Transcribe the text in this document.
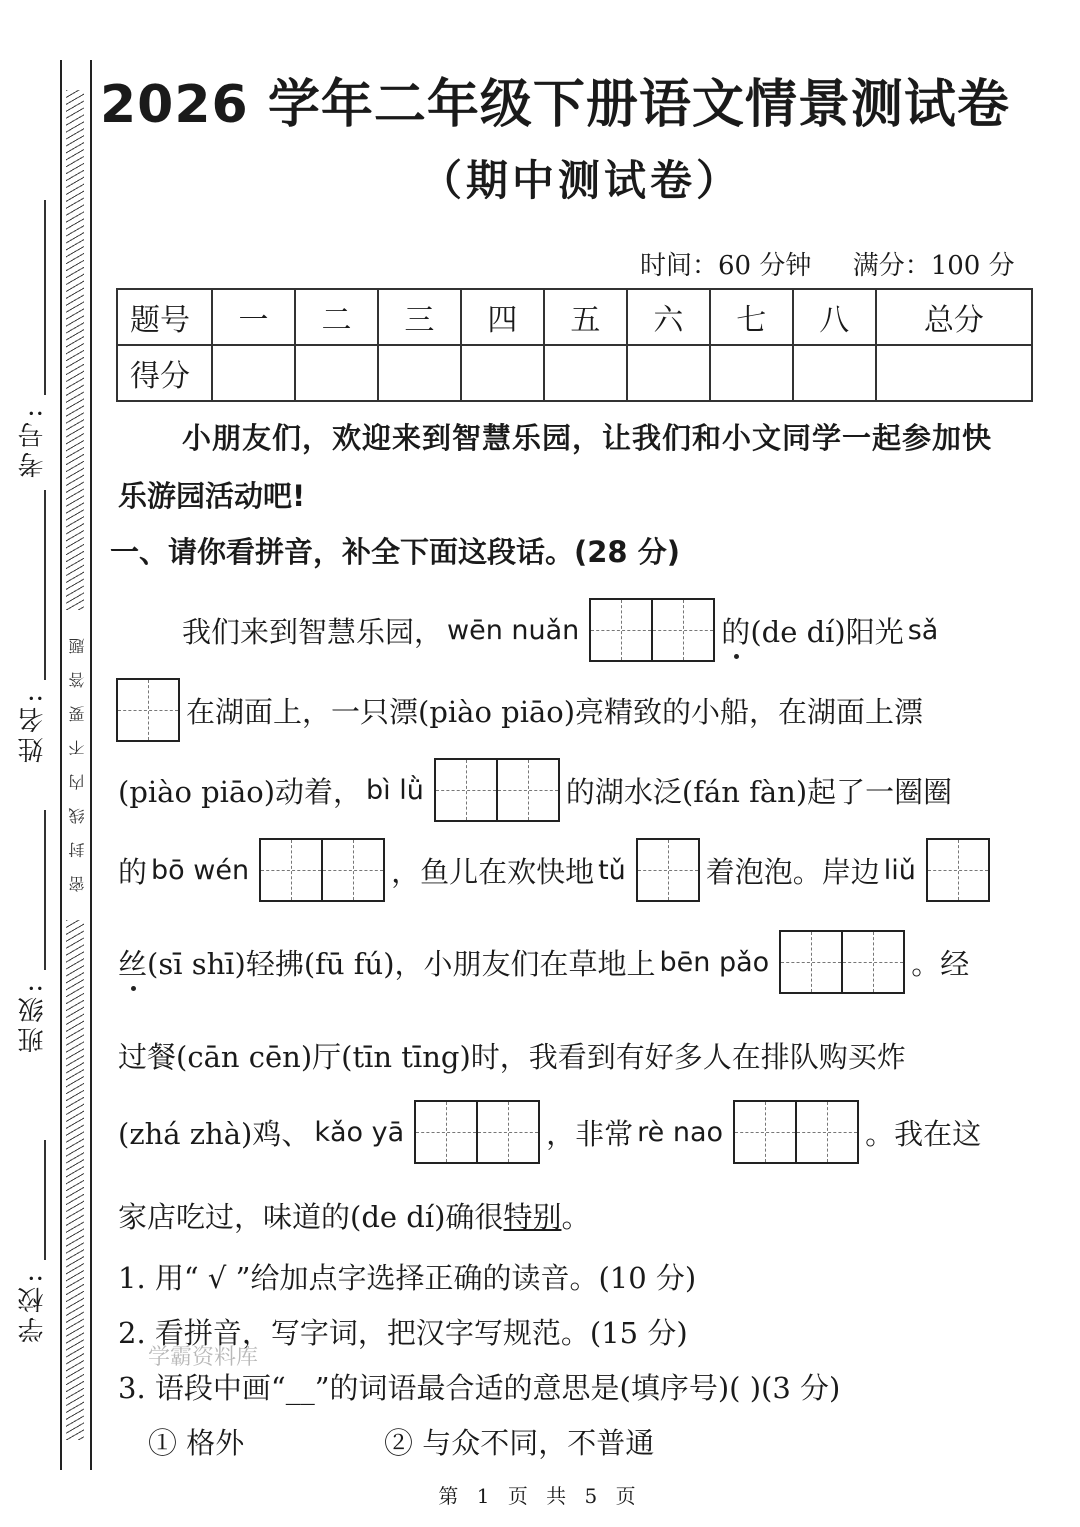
学校:
班级:
姓名:
考号:
密封线内不要答题
2026 学年二年级下册语文情景测试卷
（期中测试卷）
时间：60 分钟 满分：100 分
题号	一	二	三	四	五	六	七	八	总分
得分									
小朋友们，欢迎来到智慧乐园，让我们和小文同学一起参加快
乐游园活动吧!
一、请你看拼音，补全下面这段话。(28 分)
我们来到智慧乐园， wēn nuǎn	的 (de dí)阳光 sǎ
在湖面上，一只漂 (piào piāo)亮精致的小船，在湖面上漂
(piào piāo)动着， bì lǜ	的湖水泛 (fán fàn)起了一圈圈
的 bō wén	，鱼儿在欢快地 tǔ	着泡泡。岸边 liǔ
丝 (sī shī)轻拂 (fū fú)，小朋友们在草地上 bēn pǎo	。经
过餐 (cān cēn)厅 (tīn tīng)时，我看到有好多人在排队购买炸
(zhá zhà)鸡、 kǎo yā	，非常 rè nao	。我在这
家店吃过，味道的 (de dí)确很 特别 。
1. 用“ √ ”给加点字选择正确的读音。(10 分)
2. 看拼音，写字词，把汉字写规范。(15 分)
3. 语段中画“__”的词语最合适的意思是(填序号)( )(3 分)
① 格外	② 与众不同，不普通
学霸资料库
第 1 页 共 5 页
